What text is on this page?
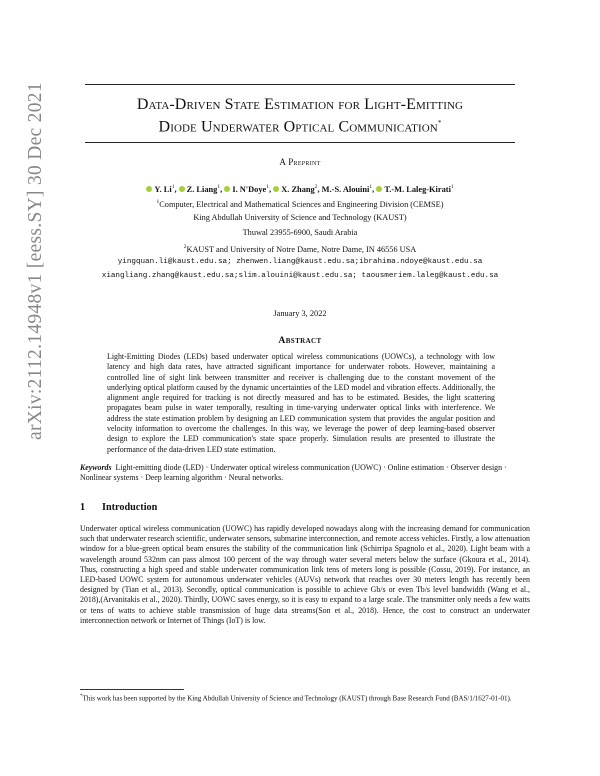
arXiv:2112.14948v1 [eess.SY] 30 Dec 2021	Data-Driven State Estimation for Light-Emitting
Diode Underwater Optical Communication*
A Preprint
Y. Li$^1$, Z. Liang$^1$, I. N'Doye$^1$, X. Zhang$^2$, M.-S. Alouini$^1$, T.-M. Laleg-Kirati$^1$
$^1$Computer, Electrical and Mathematical Sciences and Engineering Division (CEMSE)
King Abdullah University of Science and Technology (KAUST)
Thuwal 23955-6900, Saudi Arabia
$^2$KAUST and University of Notre Dame, Notre Dame, IN 46556 USA
yingquan.li@kaust.edu.sa; zhenwen.liang@kaust.edu.sa;ibrahima.ndoye@kaust.edu.sa
xiangliang.zhang@kaust.edu.sa;slim.alouini@kaust.edu.sa; taousmeriem.laleg@kaust.edu.sa
January 3, 2022
Abstract

Light-Emitting Diodes (LEDs) based underwater optical wireless communications (UOWCs), a technology with low latency and high data rates, have attracted significant importance for underwater robots. However, maintaining a controlled line of sight link between transmitter and receiver is challenging due to the constant movement of the underlying optical platform caused by the dynamic uncertainties of the LED model and vibration effects. Additionally, the alignment angle required for tracking is not directly measured and has to be estimated. Besides, the light scattering propagates beam pulse in water temporally, resulting in time-varying underwater optical links with interference. We address the state estimation problem by designing an LED communication system that provides the angular position and velocity information to overcome the challenges. In this way, we leverage the power of deep learning-based observer design to explore the LED communication's state space properly. Simulation results are presented to illustrate the performance of the data-driven LED state estimation.

Keywords Light-emitting diode (LED) · Underwater optical wireless communication (UOWC) · Online estimation · Observer design · Nonlinear systems · Deep learning algorithm · Neural networks.

1 Introduction

Underwater optical wireless communication (UOWC) has rapidly developed nowadays along with the increasing demand for communication such that underwater research scientific, underwater sensors, submarine interconnection, and remote access vehicles. Firstly, a low attenuation window for a blue-green optical beam ensures the stability of the communication link (Schirripa Spagnolo et al., 2020). Light beam with a wavelength around 532nm can pass almost 100 percent of the way through water several meters below the surface (Gkoura et al., 2014). Thus, constructing a high speed and stable underwater communication link tens of meters long is possible (Cossu, 2019). For instance, an LED-based UOWC system for autonomous underwater vehicles (AUVs) network that reaches over 30 meters length has recently been designed by (Tian et al., 2013). Secondly, optical communication is possible to achieve Gb/s or even Tb/s level bandwidth (Wang et al., 2018),(Arvanitakis et al., 2020). Thirdly, UOWC saves energy, so it is easy to expand to a large scale. The transmitter only needs a few watts or tens of watts to achieve stable transmission of huge data streams(Son et al., 2018). Hence, the cost to construct an underwater interconnection network or Internet of Things (IoT) is low.

*This work has been supported by the King Abdullah University of Science and Technology (KAUST) through Base Research Fund (BAS/1/1627-01-01).
